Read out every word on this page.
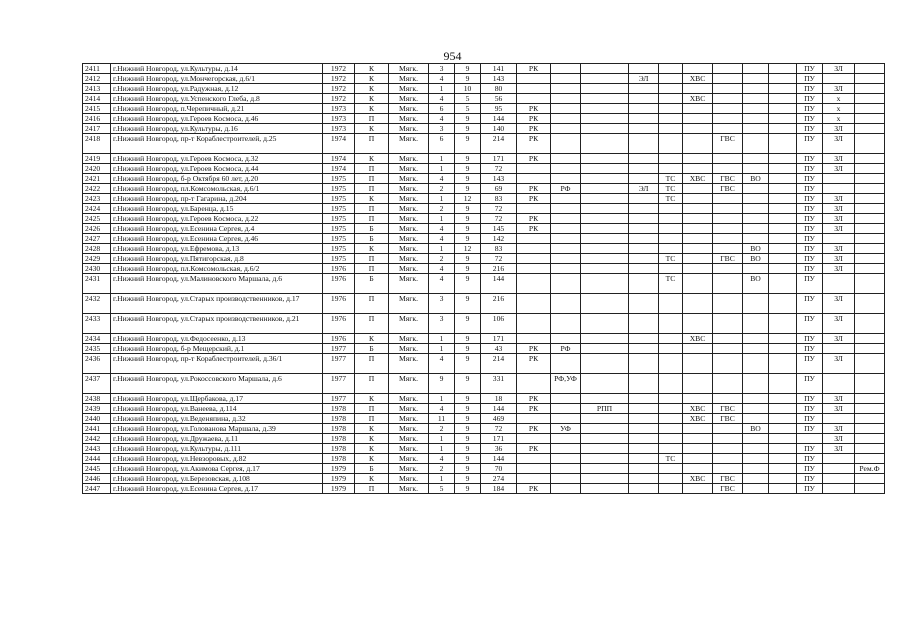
954
2411	г.Нижний Новгород, ул.Культуры, д.14	1972	К	Мягк.	3	9	141	РК									ПУ	ЗЛ	
2412	г.Нижний Новгород, ул.Мончегорская, д.6/1	1972	К	Мягк.	4	9	143				ЭЛ		ХВС				ПУ		
2413	г.Нижний Новгород, ул.Радужная, д.12	1972	К	Мягк.	1	10	80										ПУ	ЗЛ	
2414	г.Нижний Новгород, ул.Успенского Глеба, д.8	1972	К	Мягк.	4	5	56						ХВС				ПУ	х	
2415	г.Нижний Новгород, п.Черепичный, д.21	1973	К	Мягк.	6	5	95	РК									ПУ	х	
2416	г.Нижний Новгород, ул.Героев Космоса, д.46	1973	П	Мягк.	4	9	144	РК									ПУ	х	
2417	г.Нижний Новгород, ул.Культуры, д.16	1973	К	Мягк.	3	9	140	РК									ПУ	ЗЛ	
2418	г.Нижний Новгород, пр-т Кораблестроителей, д.25	1974	П	Мягк.	6	9	214	РК						ГВС			ПУ	ЗЛ	
2419	г.Нижний Новгород, ул.Героев Космоса, д.32	1974	К	Мягк.	1	9	171	РК									ПУ	ЗЛ	
2420	г.Нижний Новгород, ул.Героев Космоса, д.44	1974	П	Мягк.	1	9	72										ПУ	ЗЛ	
2421	г.Нижний Новгород, б-р Октября 60 лет, д.20	1975	П	Мягк.	4	9	143					ТС	ХВС	ГВС	ВО		ПУ		
2422	г.Нижний Новгород, пл.Комсомольская, д.6/1	1975	П	Мягк.	2	9	69	РК	РФ		ЭЛ	ТС		ГВС			ПУ		
2423	г.Нижний Новгород, пр-т Гагарина, д.204	1975	К	Мягк.	1	12	83	РК				ТС					ПУ	ЗЛ	
2424	г.Нижний Новгород, ул.Баренца, д.15	1975	П	Мягк.	2	9	72										ПУ	ЗЛ	
2425	г.Нижний Новгород, ул.Героев Космоса, д.22	1975	П	Мягк.	1	9	72	РК									ПУ	ЗЛ	
2426	г.Нижний Новгород, ул.Есенина Сергея, д.4	1975	Б	Мягк.	4	9	145	РК									ПУ	ЗЛ	
2427	г.Нижний Новгород, ул.Есенина Сергея, д.46	1975	Б	Мягк.	4	9	142										ПУ		
2428	г.Нижний Новгород, ул.Ефремова, д.13	1975	К	Мягк.	1	12	83								ВО		ПУ	ЗЛ	
2429	г.Нижний Новгород, ул.Пятигорская, д.8	1975	П	Мягк.	2	9	72					ТС		ГВС	ВО		ПУ	ЗЛ	
2430	г.Нижний Новгород, пл.Комсомольская, д.6/2	1976	П	Мягк.	4	9	216										ПУ	ЗЛ	
2431	г.Нижний Новгород, ул.Малиновского Маршала, д.6	1976	Б	Мягк.	4	9	144					ТС			ВО		ПУ		
2432	г.Нижний Новгород, ул.Старых производственников, д.17	1976	П	Мягк.	3	9	216										ПУ	ЗЛ	
2433	г.Нижний Новгород, ул.Старых производственников, д.21	1976	П	Мягк.	3	9	106										ПУ	ЗЛ	
2434	г.Нижний Новгород, ул.Федосеенко, д.13	1976	К	Мягк.	1	9	171						ХВС				ПУ	ЗЛ	
2435	г.Нижний Новгород, б-р Мещерский, д.1	1977	Б	Мягк.	1	9	43	РК	РФ								ПУ		
2436	г.Нижний Новгород, пр-т Кораблестроителей, д.36/1	1977	П	Мягк.	4	9	214	РК									ПУ	ЗЛ	
2437	г.Нижний Новгород, ул.Рокоссовского Маршала, д.6	1977	П	Мягк.	9	9	331		РФ,УФ								ПУ		
2438	г.Нижний Новгород, ул.Щербакова, д.17	1977	К	Мягк.	1	9	18	РК									ПУ	ЗЛ	
2439	г.Нижний Новгород, ул.Ванеева, д.114	1978	П	Мягк.	4	9	144	РК		РПП			ХВС	ГВС			ПУ	ЗЛ	
2440	г.Нижний Новгород, ул.Веденяпина, д.32	1978	П	Мягк.	11	9	469						ХВС	ГВС			ПУ		
2441	г.Нижний Новгород, ул.Голованова Маршала, д.39	1978	К	Мягк.	2	9	72	РК	УФ						ВО		ПУ	ЗЛ	
2442	г.Нижний Новгород, ул.Дружаева, д.11	1978	К	Мягк.	1	9	171											ЗЛ	
2443	г.Нижний Новгород, ул.Культуры, д.111	1978	К	Мягк.	1	9	36	РК									ПУ	ЗЛ	
2444	г.Нижний Новгород, ул.Невзоровых, д.82	1978	К	Мягк.	4	9	144					ТС					ПУ		
2445	г.Нижний Новгород, ул.Акимова Сергея, д.17	1979	Б	Мягк.	2	9	70										ПУ		Рем.Ф
2446	г.Нижний Новгород, ул.Березовская, д.108	1979	К	Мягк.	1	9	274						ХВС	ГВС			ПУ		
2447	г.Нижний Новгород, ул.Есенина Сергея, д.17	1979	П	Мягк.	5	9	184	РК						ГВС			ПУ		
